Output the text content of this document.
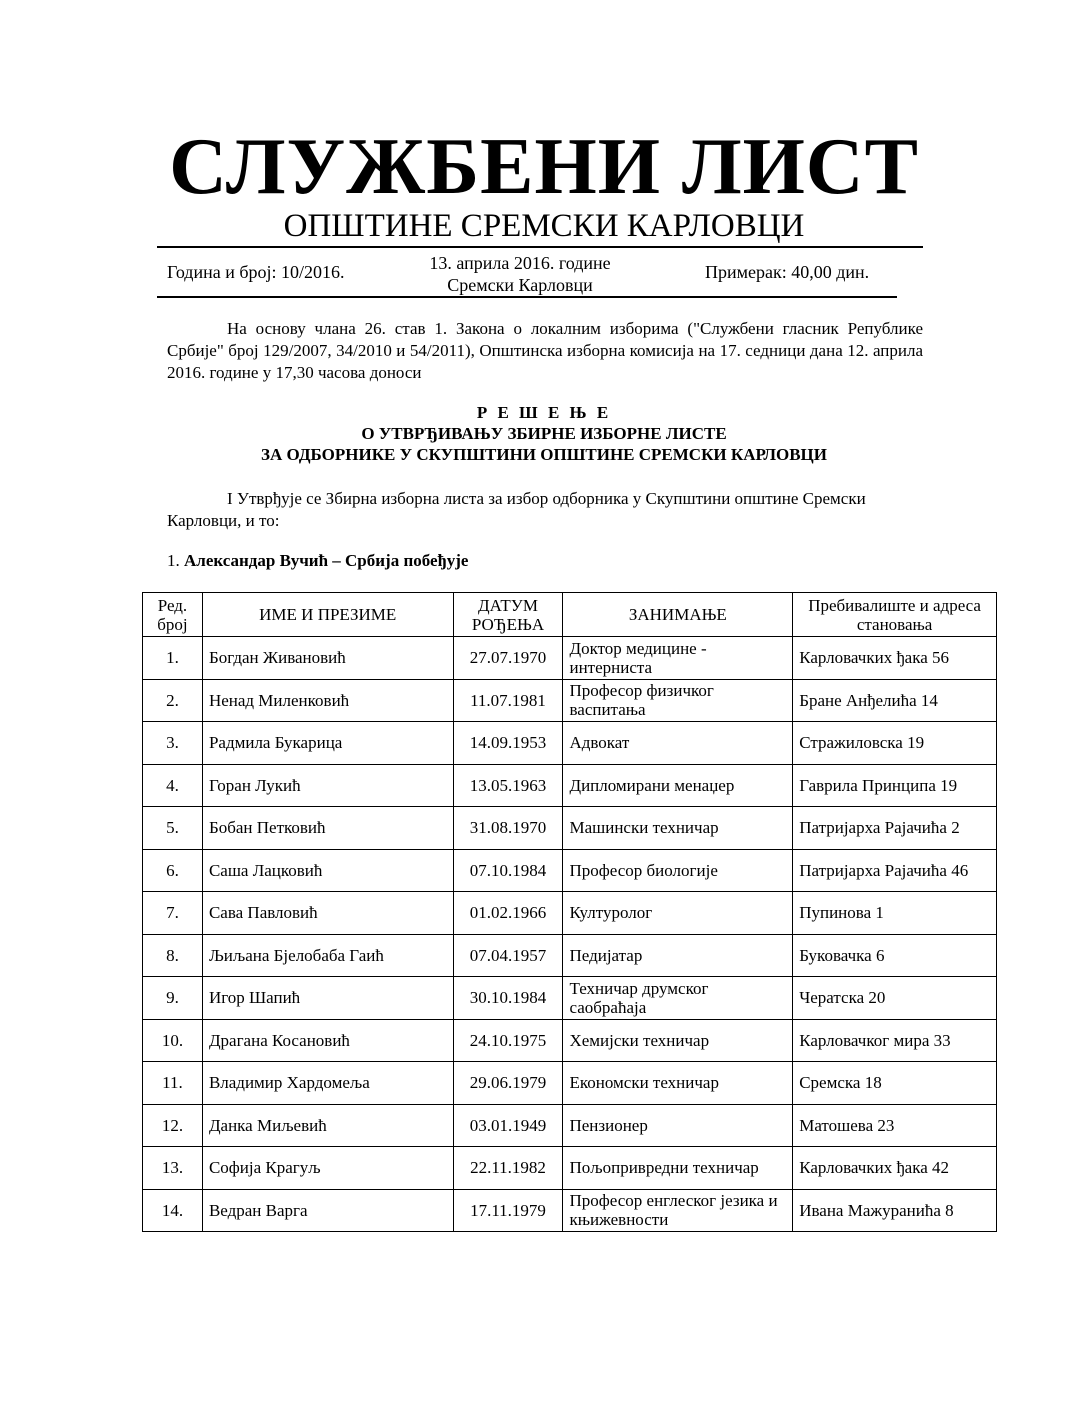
СЛУЖБЕНИ ЛИСТ
ОПШТИНЕ СРЕМСКИ КАРЛОВЦИ
Година и број: 10/2016.	13. априла 2016. године
Сремски Карловци
Примерак: 40,00 дин.
На основу члана 26. став 1. Закона о локалним изборима ("Службени гласник Републике Србије" број 129/2007, 34/2010 и 54/2011), Општинска изборна комисија на 17. седници дана 12. априла 2016. године у 17,30 часова доноси
Р Е Ш Е Њ Е
О УТВРЂИВАЊУ ЗБИРНЕ ИЗБОРНЕ ЛИСТЕ
ЗА ОДБОРНИКЕ У СКУПШТИНИ ОПШТИНЕ СРЕМСКИ КАРЛОВЦИ
I Утврђује се Збирна изборна листа за избор одборника у Скупштини општине Сремски Карловци, и то:
1. Александар Вучић – Србија побеђује
Ред. број	ИМЕ И ПРЕЗИМЕ	ДАТУМ РОЂЕЊА	ЗАНИМАЊЕ	Пребивалиште и адреса становања
1.	Богдан Живановић	27.07.1970	Доктор медицине - интерниста	Карловачких ђака 56
2.	Ненад Миленковић	11.07.1981	Професор физичког васпитања	Бране Анђелића 14
3.	Радмила Букарица	14.09.1953	Адвокат	Стражиловска 19
4.	Горан Лукић	13.05.1963	Дипломирани менаџер	Гаврила Принципа 19
5.	Бобан Петковић	31.08.1970	Машински техничар	Патријарха Рајачића 2
6.	Саша Лацковић	07.10.1984	Професор биологије	Патријарха Рајачића 46
7.	Сава Павловић	01.02.1966	Културолог	Пупинова 1
8.	Љиљана Бјелобаба Гаић	07.04.1957	Педијатар	Буковачка 6
9.	Игор Шапић	30.10.1984	Техничар друмског саобраћаја	Чератска 20
10.	Драгана Косановић	24.10.1975	Хемијски техничар	Карловачког мира 33
11.	Владимир Хардомеља	29.06.1979	Економски техничар	Сремска 18
12.	Данка Миљевић	03.01.1949	Пензионер	Матошева 23
13.	Софија Крагуљ	22.11.1982	Пољопривредни техничар	Карловачких ђака 42
14.	Ведран Варга	17.11.1979	Професор енглеског језика и књижевности	Ивана Мажуранића 8
